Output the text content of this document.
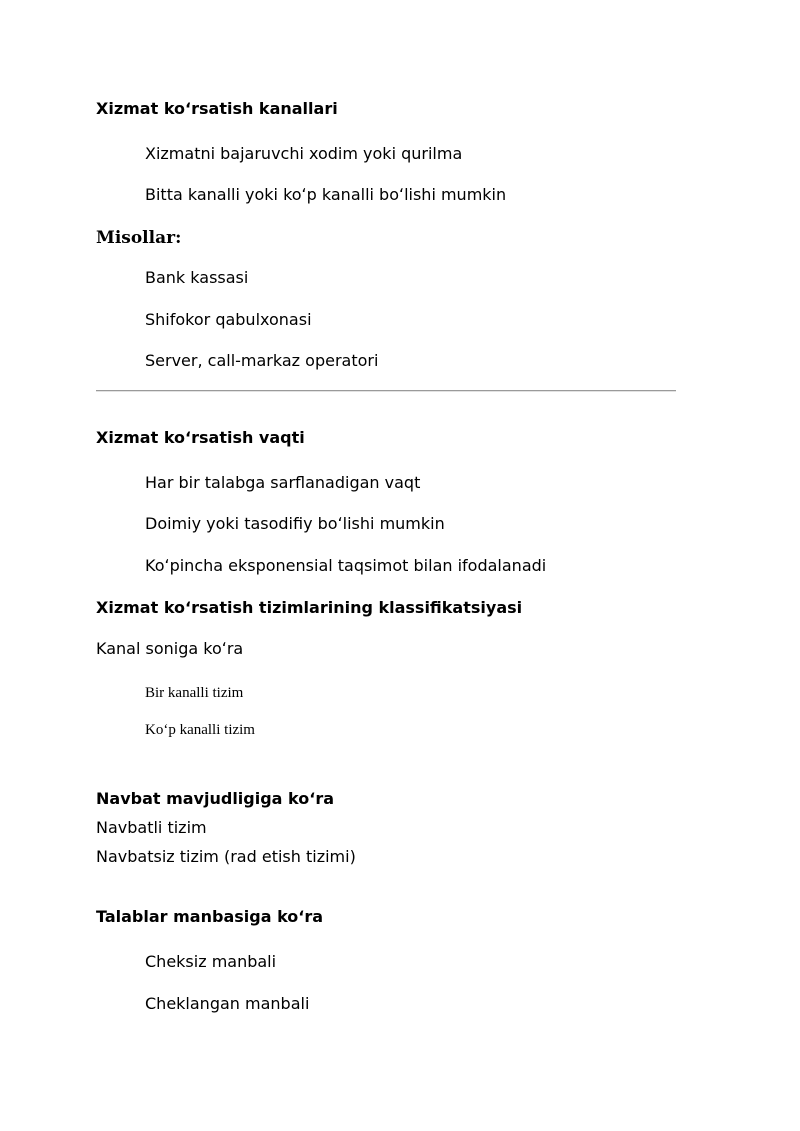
Xizmat koʻrsatish kanallari
Xizmatni bajaruvchi xodim yoki qurilma
Bitta kanalli yoki koʻp kanalli boʻlishi mumkin
Misollar:
Bank kassasi
Shifokor qabulxonasi
Server, call-markaz operatori
Xizmat koʻrsatish vaqti
Har bir talabga sarflanadigan vaqt
Doimiy yoki tasodifiy boʻlishi mumkin
Koʻpincha eksponensial taqsimot bilan ifodalanadi
Xizmat koʻrsatish tizimlarining klassifikatsiyasi
Kanal soniga koʻra
Bir kanalli tizim
Koʻp kanalli tizim
Navbat mavjudligiga koʻra
Navbatli tizim
Navbatsiz tizim (rad etish tizimi)
Talablar manbasiga koʻra
Cheksiz manbali
Cheklangan manbali
